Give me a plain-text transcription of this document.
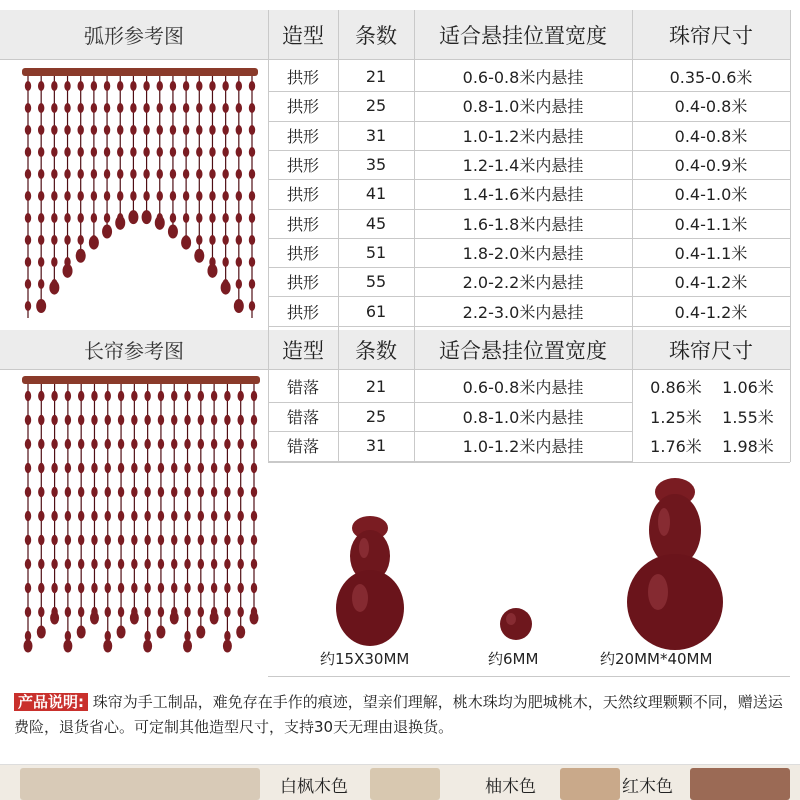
弧形参考图	造型	条数	适合悬挂位置宽度	珠帘尺寸
拱形	21	0.6-0.8米内悬挂	0.35-0.6米
拱形	25	0.8-1.0米内悬挂	0.4-0.8米
拱形	31	1.0-1.2米内悬挂	0.4-0.8米
拱形	35	1.2-1.4米内悬挂	0.4-0.9米
拱形	41	1.4-1.6米内悬挂	0.4-1.0米
拱形	45	1.6-1.8米内悬挂	0.4-1.1米
拱形	51	1.8-2.0米内悬挂	0.4-1.1米
拱形	55	2.0-2.2米内悬挂	0.4-1.2米
拱形	61	2.2-3.0米内悬挂	0.4-1.2米
长帘参考图	造型	条数	适合悬挂位置宽度	珠帘尺寸
错落	21	0.6-0.8米内悬挂	0.86米	1.06米
错落	25	0.8-1.0米内悬挂	1.25米	1.55米
错落	31	1.0-1.2米内悬挂	1.76米	1.98米
约15X30MM	约6MM	约20MM*40MM
产品说明: 珠帘为手工制品，难免存在手作的痕迹，望亲们理解，桃木珠均为肥城桃木，天然纹理颗颗不同，赠送运费险，退货省心。可定制其他造型尺寸，支持30天无理由退换货。
白枫木色	柚木色	红木色
